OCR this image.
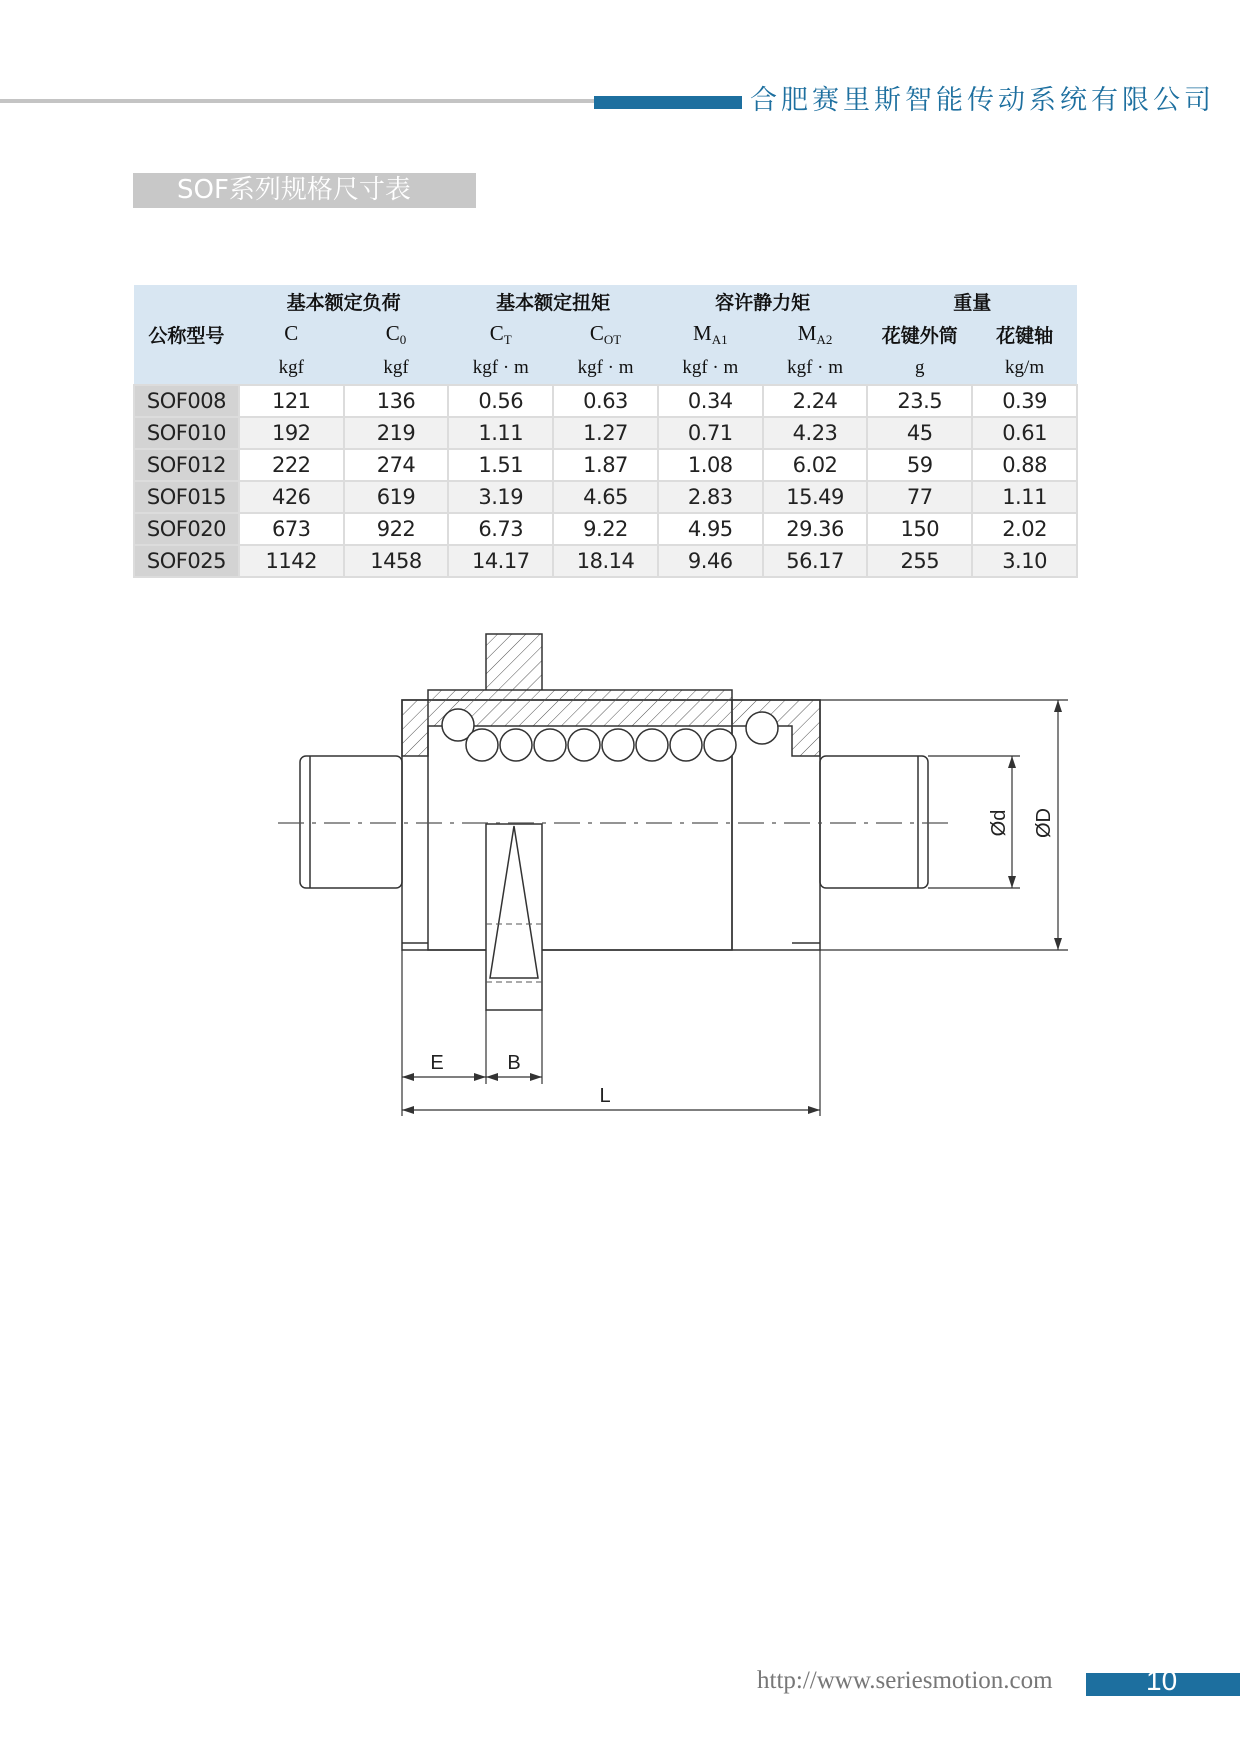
合肥赛里斯智能传动系统有限公司
SOF系列规格尺寸表
公称型号	基本额定负荷		基本额定扭矩		容许静力矩		重量	
	C	$C_0$	$C_T$	$C_{OT}$	$M_{A1}$	$M_{A2}$	花键外筒	花键轴
	kgf	kgf	kgf · m	kgf · m	kgf · m	kgf · m	g	kg/m
SOF008	121	136	0.56	0.63	0.34	2.24	23.5	0.39
SOF010	192	219	1.11	1.27	0.71	4.23	45	0.61
SOF012	222	274	1.51	1.87	1.08	6.02	59	0.88
SOF015	426	619	3.19	4.65	2.83	15.49	77	1.11
SOF020	673	922	6.73	9.22	4.95	29.36	150	2.02
SOF025	1142	1458	14.17	18.14	9.46	56.17	255	3.10
E	B
L
Ød ØD
http://www.seriesmotion.com	10
